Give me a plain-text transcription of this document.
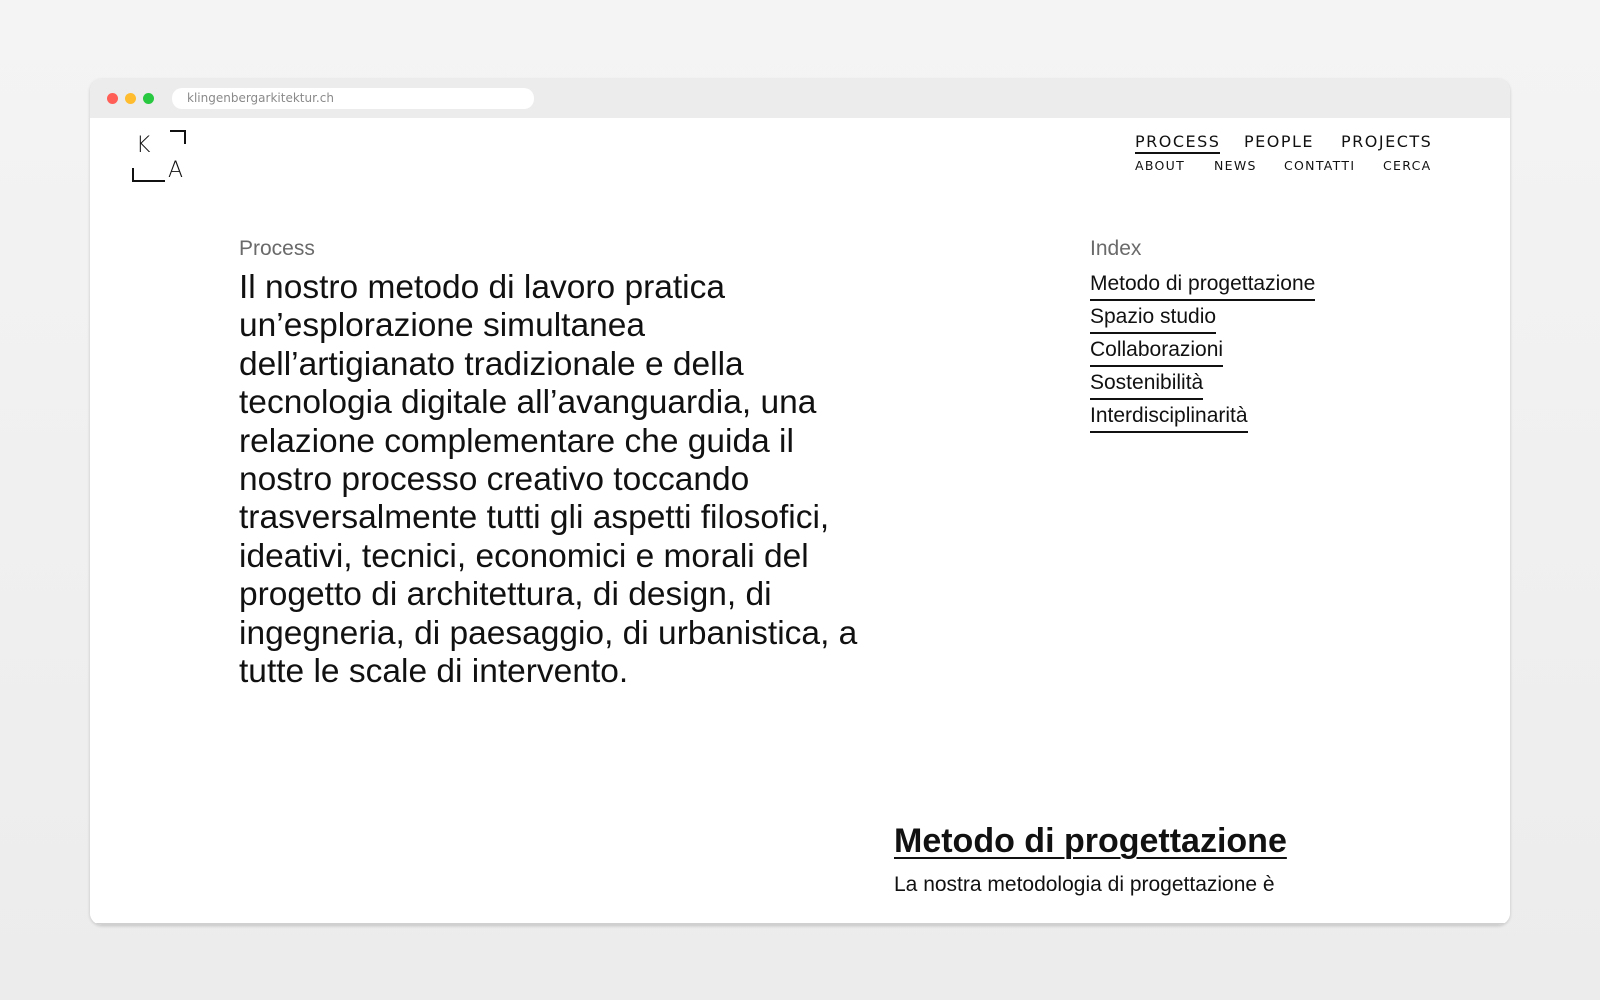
klingenbergarkitektur.ch
K
A
PROCESS PEOPLE PROJECTS
ABOUT NEWS CONTATTI CERCA
Process

Il nostro metodo di lavoro pratica un’esplorazione simultanea dell’artigianato tradizionale e della tecnologia digitale all’avanguardia, una relazione complementare che guida il nostro processo creativo toccando trasversalmente tutti gli aspetti filosofici, ideativi, tecnici, economici e morali del progetto di architettura, di design, di ingegneria, di paesaggio, di urbanistica, a tutte le scale di intervento.

Index
Metodo di progettazione
Spazio studio
Collaborazioni
Sostenibilità
Interdisciplinarità
Metodo di progettazione

La nostra metodologia di progettazione è
